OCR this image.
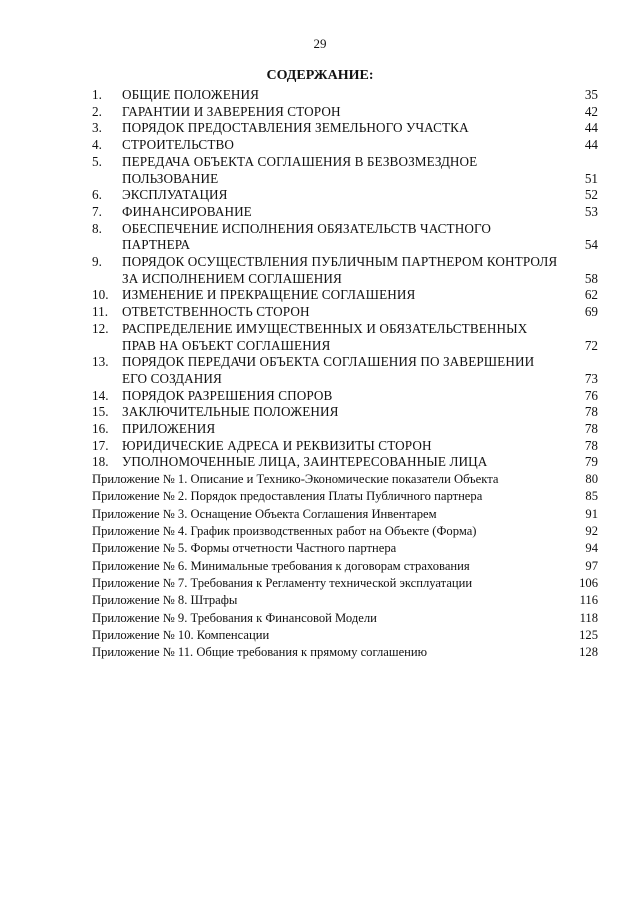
29
СОДЕРЖАНИЕ:
1.	ОБЩИЕ ПОЛОЖЕНИЯ	35
2.	ГАРАНТИИ И ЗАВЕРЕНИЯ СТОРОН	42
3.	ПОРЯДОК ПРЕДОСТАВЛЕНИЯ ЗЕМЕЛЬНОГО УЧАСТКА	44
4.	СТРОИТЕЛЬСТВО	44
5.	ПЕРЕДАЧА ОБЪЕКТА СОГЛАШЕНИЯ В БЕЗВОЗМЕЗДНОЕ ПОЛЬЗОВАНИЕ	51
6.	ЭКСПЛУАТАЦИЯ	52
7.	ФИНАНСИРОВАНИЕ	53
8.	ОБЕСПЕЧЕНИЕ ИСПОЛНЕНИЯ ОБЯЗАТЕЛЬСТВ ЧАСТНОГО ПАРТНЕРА	54
9.	ПОРЯДОК ОСУЩЕСТВЛЕНИЯ ПУБЛИЧНЫМ ПАРТНЕРОМ КОНТРОЛЯ ЗА ИСПОЛНЕНИЕМ СОГЛАШЕНИЯ	58
10.	ИЗМЕНЕНИЕ И ПРЕКРАЩЕНИЕ СОГЛАШЕНИЯ	62
11.	ОТВЕТСТВЕННОСТЬ СТОРОН	69
12.	РАСПРЕДЕЛЕНИЕ ИМУЩЕСТВЕННЫХ И ОБЯЗАТЕЛЬСТВЕННЫХ ПРАВ НА ОБЪЕКТ СОГЛАШЕНИЯ	72
13.	ПОРЯДОК ПЕРЕДАЧИ ОБЪЕКТА СОГЛАШЕНИЯ ПО ЗАВЕРШЕНИИ ЕГО СОЗДАНИЯ	73
14.	ПОРЯДОК РАЗРЕШЕНИЯ СПОРОВ	76
15.	ЗАКЛЮЧИТЕЛЬНЫЕ ПОЛОЖЕНИЯ	78
16.	ПРИЛОЖЕНИЯ	78
17.	ЮРИДИЧЕСКИЕ АДРЕСА И РЕКВИЗИТЫ СТОРОН	78
18.	УПОЛНОМОЧЕННЫЕ ЛИЦА, ЗАИНТЕРЕСОВАННЫЕ ЛИЦА	79
Приложение № 1. Описание и Технико-Экономические показатели Объекта	80
Приложение № 2. Порядок предоставления Платы Публичного партнера	85
Приложение № 3. Оснащение Объекта Соглашения Инвентарем	91
Приложение № 4. График производственных работ на Объекте (Форма)	92
Приложение № 5. Формы отчетности Частного партнера	94
Приложение № 6. Минимальные требования к договорам страхования	97
Приложение № 7. Требования к Регламенту технической эксплуатации	106
Приложение № 8. Штрафы	116
Приложение № 9. Требования к Финансовой Модели	118
Приложение № 10. Компенсации	125
Приложение № 11. Общие требования к прямому соглашению	128
